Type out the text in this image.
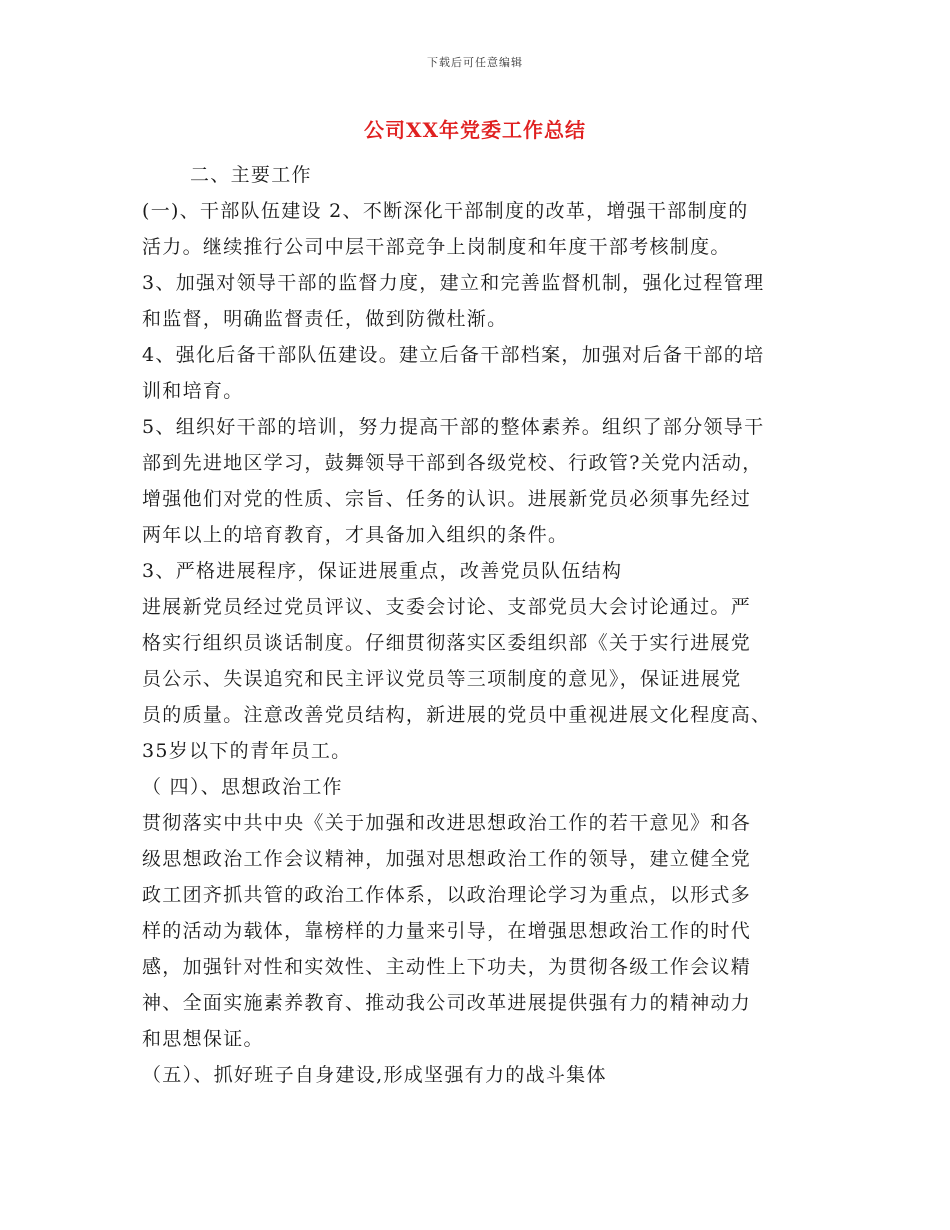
下载后可任意编辑
公司XX年党委工作总结
二、主要工作
(一)、干部队伍建设 2、不断深化干部制度的改革，增强干部制度的
活力。继续推行公司中层干部竞争上岗制度和年度干部考核制度。
3、加强对领导干部的监督力度，建立和完善监督机制，强化过程管理
和监督，明确监督责任，做到防微杜渐。
4、强化后备干部队伍建设。建立后备干部档案，加强对后备干部的培
训和培育。
5、组织好干部的培训，努力提高干部的整体素养。组织了部分领导干
部到先进地区学习，鼓舞领导干部到各级党校、行政管?关党内活动，
增强他们对党的性质、宗旨、任务的认识。进展新党员必须事先经过
两年以上的培育教育，才具备加入组织的条件。
3、严格进展程序，保证进展重点，改善党员队伍结构
进展新党员经过党员评议、支委会讨论、支部党员大会讨论通过。严
格实行组织员谈话制度。仔细贯彻落实区委组织部《关于实行进展党
员公示、失误追究和民主评议党员等三项制度的意见》，保证进展党
员的质量。注意改善党员结构，新进展的党员中重视进展文化程度高、
35岁以下的青年员工。
（ 四）、思想政治工作
贯彻落实中共中央《关于加强和改进思想政治工作的若干意见》和各
级思想政治工作会议精神，加强对思想政治工作的领导，建立健全党
政工团齐抓共管的政治工作体系，以政治理论学习为重点，以形式多
样的活动为载体，靠榜样的力量来引导，在增强思想政治工作的时代
感，加强针对性和实效性、主动性上下功夫，为贯彻各级工作会议精
神、全面实施素养教育、推动我公司改革进展提供强有力的精神动力
和思想保证。
（五）、抓好班子自身建设,形成坚强有力的战斗集体
